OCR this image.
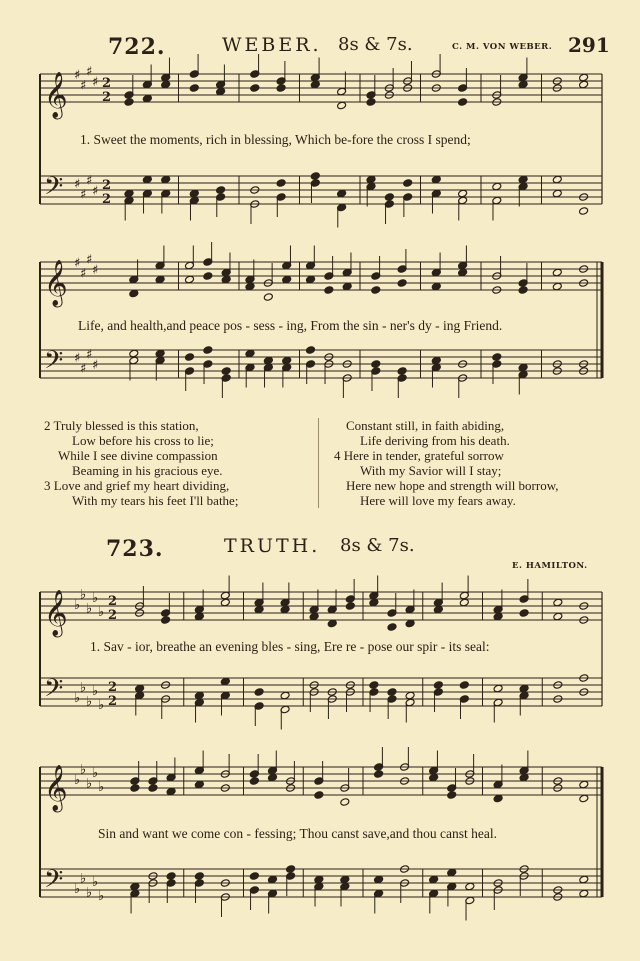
722.	WEBER. 8s & 7s.	C. M. VON WEBER. 291
𝄞
𝄢
♯
♯
♯
♯
♯
♯
♯
♯
2
2
2
2
1. Sweet the moments, rich in blessing, Which be-fore the cross I spend;
𝄞
𝄢
♯
♯
♯
♯
♯
♯
♯
♯
Life, and health,and peace pos - sess - ing, From the sin - ner's dy - ing Friend.
2 Truly blessed is this station,
Low before his cross to lie;
While I see divine compassion
Beaming in his gracious eye.
3 Love and grief my heart dividing,
With my tears his feet I'll bathe;
Constant still, in faith abiding,
Life deriving from his death.
4 Here in tender, grateful sorrow
With my Savior will I stay;
Here new hope and strength will borrow,
Here will love my fears away.
723.	TRUTH. 8s & 7s.
E. HAMILTON.
𝄞
𝄢
♭
♭
♭
♭
♭
♭
♭
♭
♭
♭
2
2
2
2
1. Sav - ior, breathe an evening bles - sing, Ere re - pose our spir - its seal:
𝄞
𝄢
♭
♭
♭
♭
♭
♭
♭
♭
♭
♭
Sin and want we come con - fessing; Thou canst save,and thou canst heal.
